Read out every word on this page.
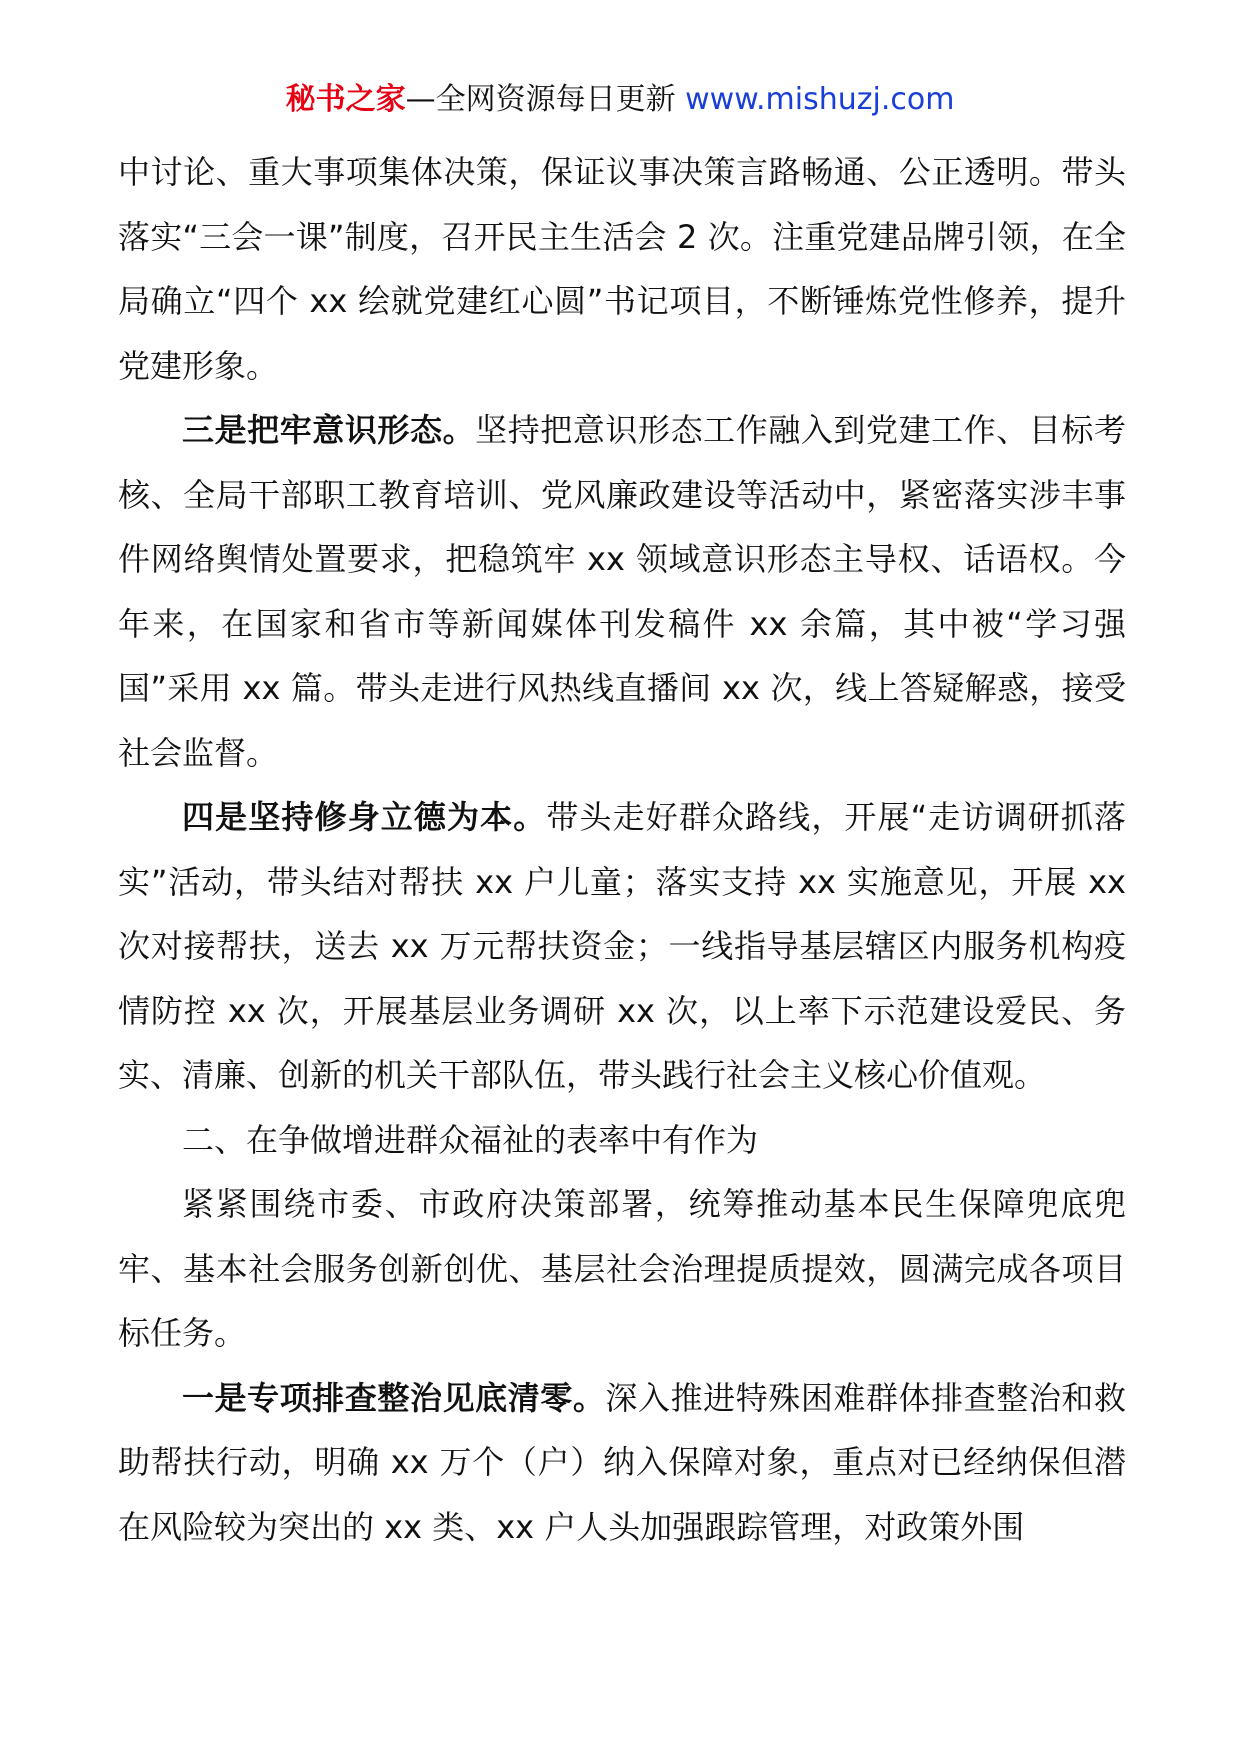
秘书之家—全网资源每日更新 www.mishuzj.com

中讨论、重大事项集体决策，保证议事决策言路畅通、公正透明。带头落实“三会一课”制度，召开民主生活会 2 次。注重党建品牌引领，在全局确立“四个 xx 绘就党建红心圆”书记项目，不断锤炼党性修养，提升党建形象。

三是把牢意识形态。坚持把意识形态工作融入到党建工作、目标考核、全局干部职工教育培训、党风廉政建设等活动中，紧密落实涉丰事件网络舆情处置要求，把稳筑牢 xx 领域意识形态主导权、话语权。今年来，在国家和省市等新闻媒体刊发稿件 xx 余篇，其中被“学习强国”采用 xx 篇。带头走进行风热线直播间 xx 次，线上答疑解惑，接受社会监督。

四是坚持修身立德为本。带头走好群众路线，开展“走访调研抓落实”活动，带头结对帮扶 xx 户儿童；落实支持 xx 实施意见，开展 xx 次对接帮扶，送去 xx 万元帮扶资金；一线指导基层辖区内服务机构疫情防控 xx 次，开展基层业务调研 xx 次，以上率下示范建设爱民、务实、清廉、创新的机关干部队伍，带头践行社会主义核心价值观。

二、在争做增进群众福祉的表率中有作为

紧紧围绕市委、市政府决策部署，统筹推动基本民生保障兜底兜牢、基本社会服务创新创优、基层社会治理提质提效，圆满完成各项目标任务。

一是专项排查整治见底清零。深入推进特殊困难群体排查整治和救助帮扶行动，明确 xx 万个（户）纳入保障对象，重点对已经纳保但潜在风险较为突出的 xx 类、xx 户人头加强跟踪管理，对政策外围
